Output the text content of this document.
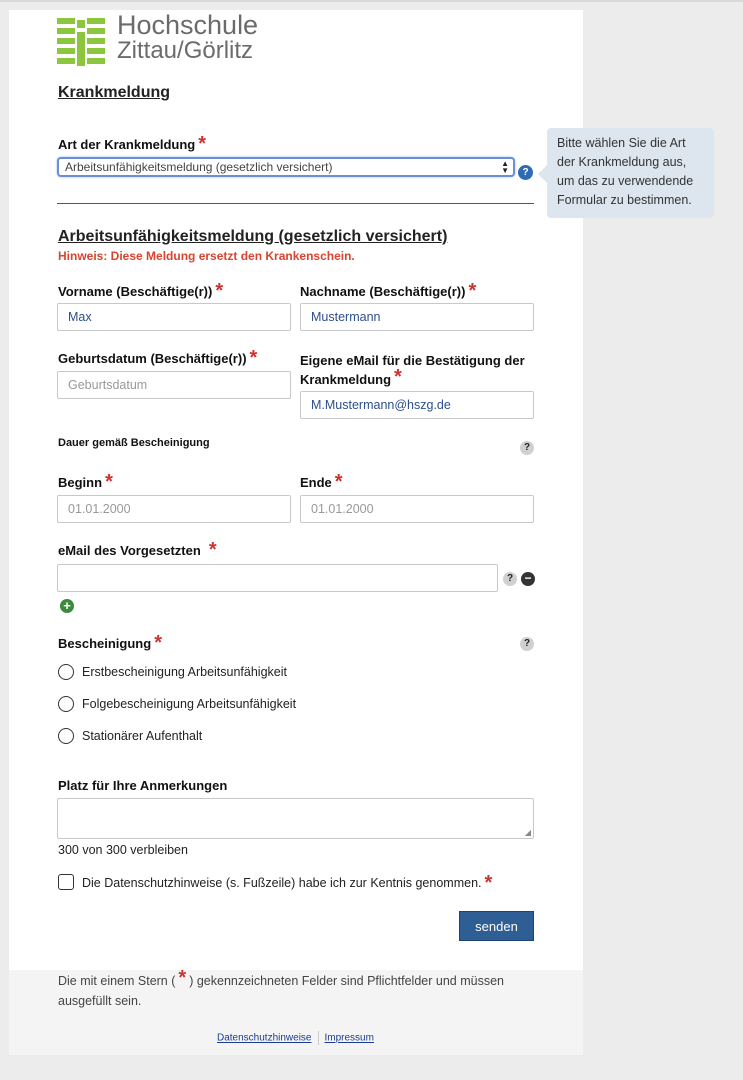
Hochschule
Zittau/Görlitz
Krankmeldung
Art der Krankmeldung *
Arbeitsunfähigkeitsmeldung (gesetzlich versichert)	▲
▼	?
Bitte wählen Sie die Art der Krankmeldung aus, um das zu verwendende Formular zu bestimmen.
Arbeitsunfähigkeitsmeldung (gesetzlich versichert)
Hinweis: Diese Meldung ersetzt den Krankenschein.
Vorname (Beschäftige(r)) *
Max
Nachname (Beschäftige(r)) *
Mustermann
Geburtsdatum (Beschäftige(r)) *
Geburtsdatum
Eigene eMail für die Bestätigung der
Krankmeldung *
M.Mustermann@hszg.de
Dauer gemäß Bescheinigung	?
Beginn *
01.01.2000
Ende *
01.01.2000
eMail des Vorgesetzten *
? −
+
Bescheinigung *	?
Erstbescheinigung Arbeitsunfähigkeit
Folgebescheinigung Arbeitsunfähigkeit
Stationärer Aufenthalt
Platz für Ihre Anmerkungen
◢
300 von 300 verbleiben
Die Datenschutzhinweise (s. Fußzeile) habe ich zur Kentnis genommen. *
senden
Die mit einem Stern ( * ) gekennzeichneten Felder sind Pflichtfelder und müssen ausgefüllt sein.
Datenschutzhinweise Impressum
